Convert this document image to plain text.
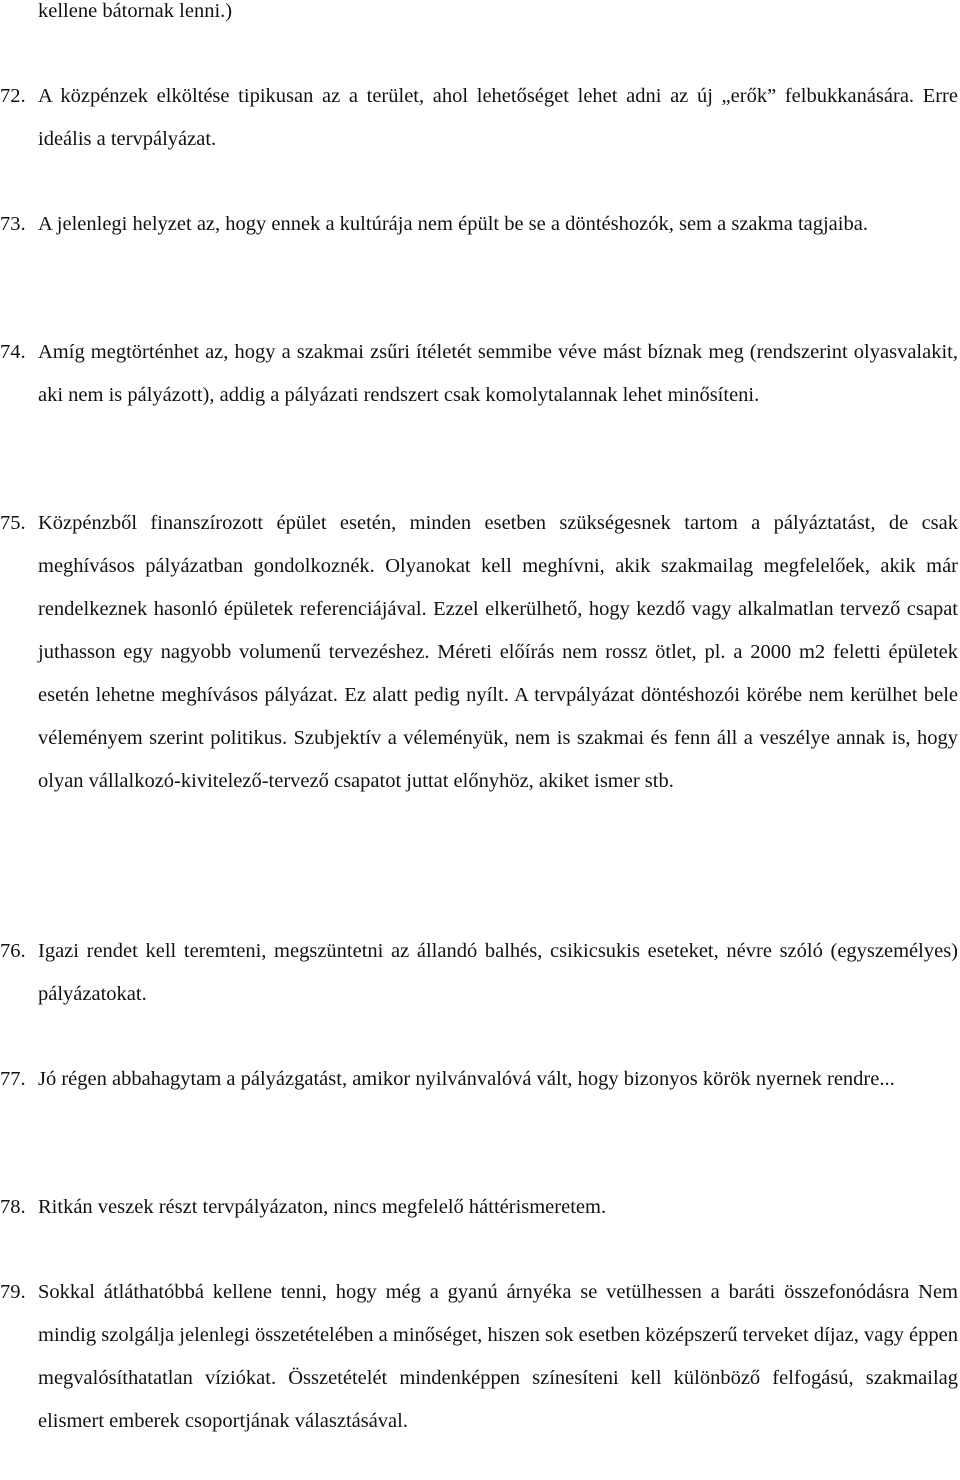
kellene bátornak lenni.)

72. A közpénzek elköltése tipikusan az a terület, ahol lehetőséget lehet adni az új „erők” felbukkanására. Erre ideális a tervpályázat.

73. A jelenlegi helyzet az, hogy ennek a kultúrája nem épült be se a döntéshozók, sem a szakma tagjaiba.

74. Amíg megtörténhet az, hogy a szakmai zsűri ítéletét semmibe véve mást bíznak meg (rendszerint olyasvalakit, aki nem is pályázott), addig a pályázati rendszert csak komolytalannak lehet minősíteni.

75. Közpénzből finanszírozott épület esetén, minden esetben szükségesnek tartom a pályáztatást, de csak meghívásos pályázatban gondolkoznék. Olyanokat kell meghívni, akik szakmailag megfelelőek, akik már rendelkeznek hasonló épületek referenciájával. Ezzel elkerülhető, hogy kezdő vagy alkalmatlan tervező csapat juthasson egy nagyobb volumenű tervezéshez. Méreti előírás nem rossz ötlet, pl. a 2000 m2 feletti épületek esetén lehetne meghívásos pályázat. Ez alatt pedig nyílt. A tervpályázat döntéshozói körébe nem kerülhet bele véleményem szerint politikus. Szubjektív a véleményük, nem is szakmai és fenn áll a veszélye annak is, hogy olyan vállalkozó-kivitelező-tervező csapatot juttat előnyhöz, akiket ismer stb.

76. Igazi rendet kell teremteni, megszüntetni az állandó balhés, csikicsukis eseteket, névre szóló (egyszemélyes) pályázatokat.

77. Jó régen abbahagytam a pályázgatást, amikor nyilvánvalóvá vált, hogy bizonyos körök nyernek rendre...

78. Ritkán veszek részt tervpályázaton, nincs megfelelő háttérismeretem.

79. Sokkal átláthatóbbá kellene tenni, hogy még a gyanú árnyéka se vetülhessen a baráti összefonódásra Nem mindig szolgálja jelenlegi összetételében a minőséget, hiszen sok esetben középszerű terveket díjaz, vagy éppen megvalósíthatatlan víziókat. Összetételét mindenképpen színesíteni kell különböző felfogású, szakmailag elismert emberek csoportjának választásával.
